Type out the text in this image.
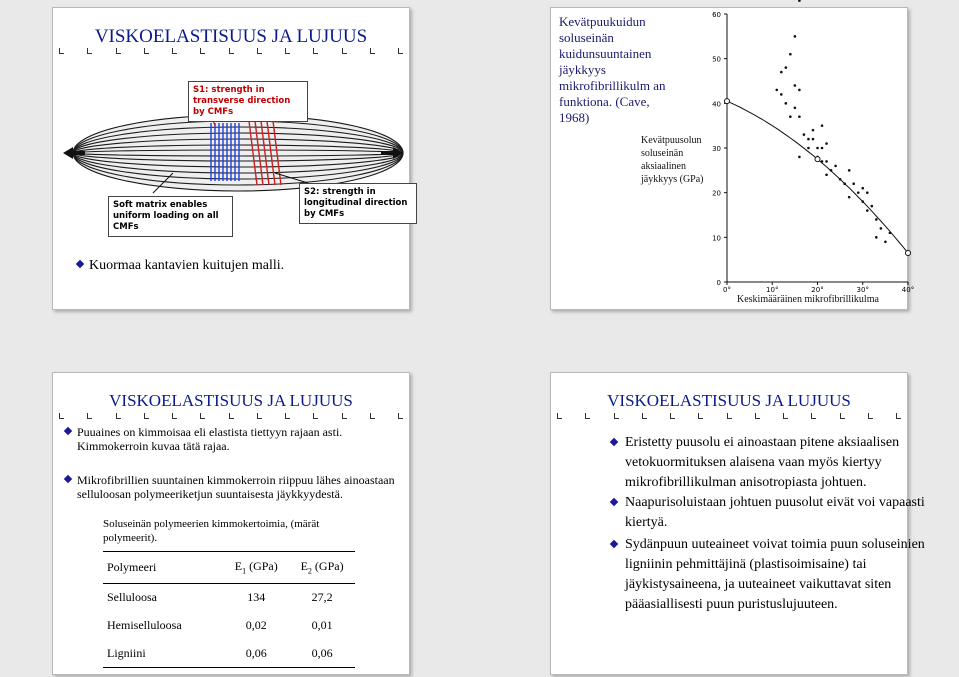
VISKOELASTISUUS JA LUJUUS
S1: strength in transverse direction by CMFs
S2: strength in longitudinal direction by CMFs
Soft matrix enables uniform loading on all CMFs
Kuormaa kantavien kuitujen malli.
Kevätpuukuidun soluseinän kuidunsuuntainen jäykkyys mikrofibrillikulm an funktiona. (Cave, 1968)
Kevätpuusolun soluseinän aksiaalinen jäykkyys (GPa)
Keskimääräinen mikrofibrillikulma
0
10
20
30
40
50
60
0°	10°	20°	30°	40°
VISKOELASTISUUS JA LUJUUS
Puuaines on kimmoisaa eli elastista tiettyyn rajaan asti. Kimmokerroin kuvaa tätä rajaa.
Mikrofibrillien suuntainen kimmokerroin riippuu lähes ainoastaan selluloosan polymeeriketjun suuntaisesta jäykkyydestä.
Soluseinän polymeerien kimmokertoimia, (märät polymeerit).
Polymeeri	$E_1$ (GPa)	$E_2$ (GPa)
Selluloosa	134	27,2
Hemiselluloosa	0,02	0,01
Ligniini	0,06	0,06
VISKOELASTISUUS JA LUJUUS
Eristetty puusolu ei ainoastaan pitene aksiaalisen vetokuormituksen alaisena vaan myös kiertyy mikrofibrillikulman anisotropiasta johtuen.
Naapurisoluistaan johtuen puusolut eivät voi vapaasti kiertyä.
Sydänpuun uuteaineet voivat toimia puun soluseinien ligniinin pehmittäjinä (plastisoimisaine) tai jäykistysaineena, ja uuteaineet vaikuttavat siten pääasiallisesti puun puristuslujuuteen.
